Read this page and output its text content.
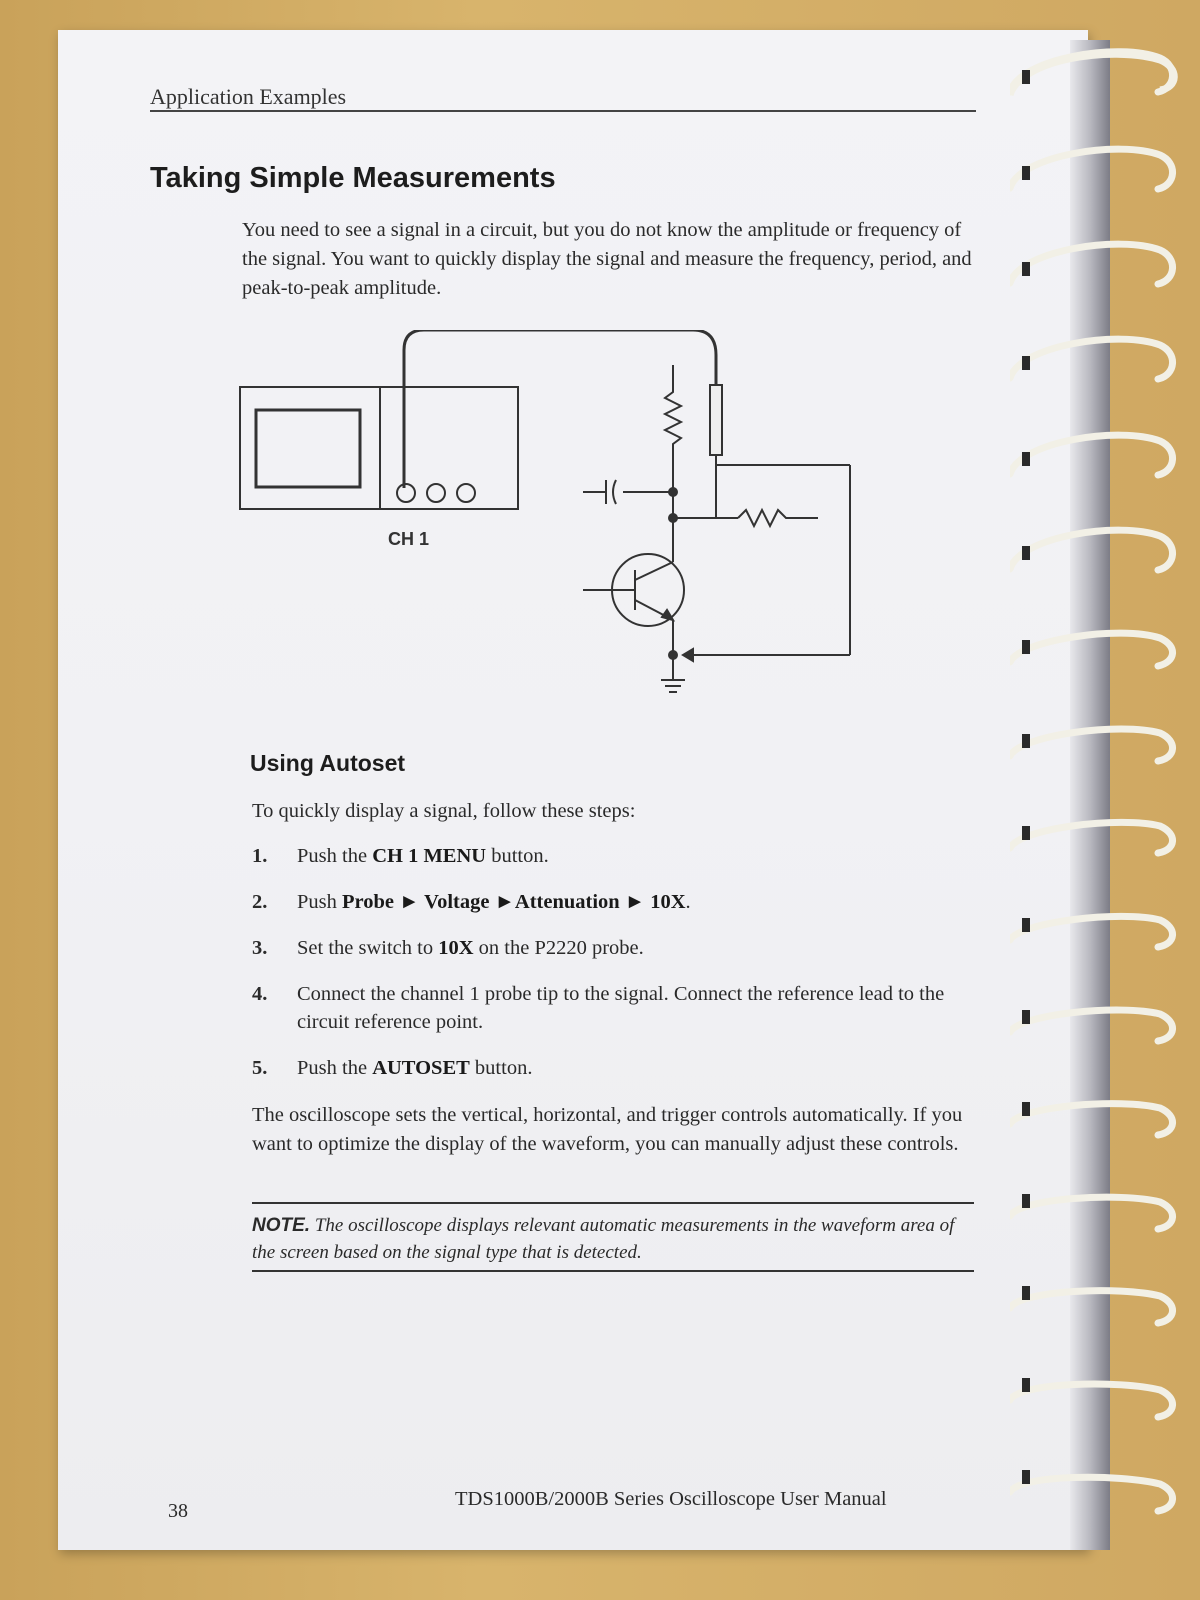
Application Examples
Taking Simple Measurements
You need to see a signal in a circuit, but you do not know the amplitude or frequency of the signal. You want to quickly display the signal and measure the frequency, period, and peak-to-peak amplitude.
CH 1
Using Autoset
To quickly display a signal, follow these steps:
1. Push the CH 1 MENU button.
2. Push Probe ► Voltage ►Attenuation ► 10X.
3. Set the switch to 10X on the P2220 probe.
4. Connect the channel 1 probe tip to the signal. Connect the reference lead to the circuit reference point.
5. Push the AUTOSET button.
The oscilloscope sets the vertical, horizontal, and trigger controls automatically. If you want to optimize the display of the waveform, you can manually adjust these controls.
NOTE. The oscilloscope displays relevant automatic measurements in the waveform area of the screen based on the signal type that is detected.
38
TDS1000B/2000B Series Oscilloscope User Manual
